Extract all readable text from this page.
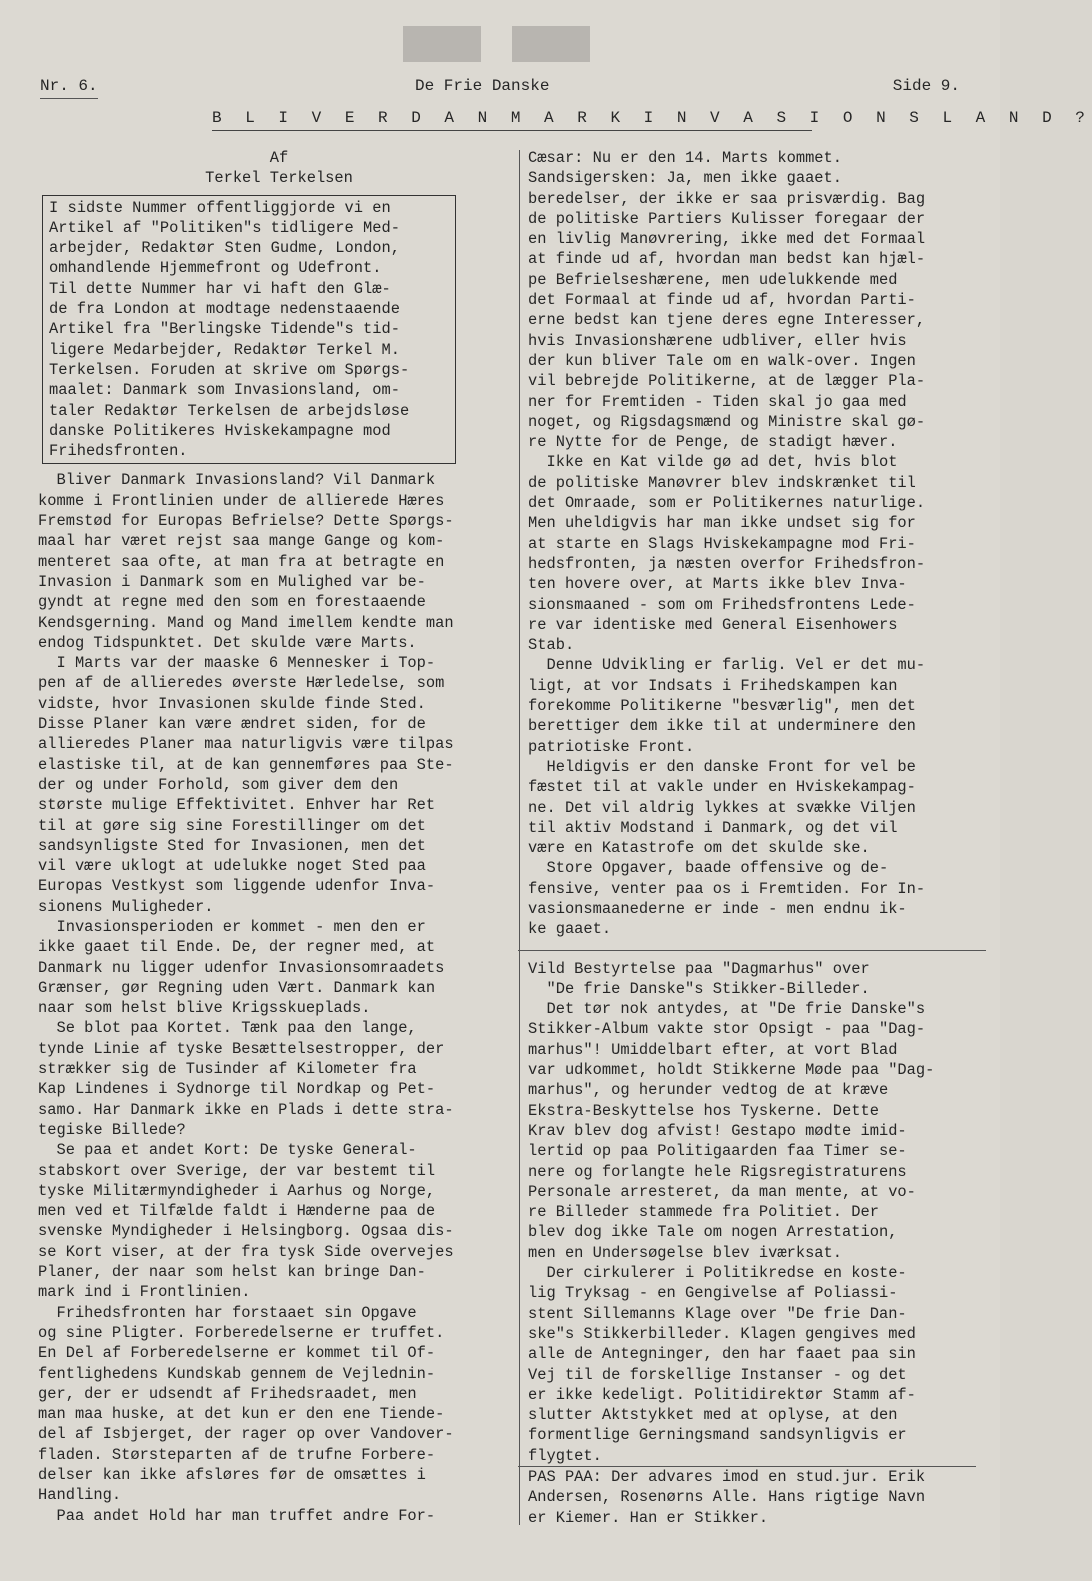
Nr. 6.	De Frie Danske	Side 9.
B L I V E R D A N M A R K I N V A S I O N S L A N D ?

Af

Terkel Terkelsen

I sidste Nummer offentliggjorde vi en

Artikel af "Politiken"s tidligere Med-

arbejder, Redaktør Sten Gudme, London,

omhandlende Hjemmefront og Udefront.

Til dette Nummer har vi haft den Glæ-

de fra London at modtage nedenstaaende

Artikel fra "Berlingske Tidende"s tid-

ligere Medarbejder, Redaktør Terkel M.

Terkelsen. Foruden at skrive om Spørgs-

maalet: Danmark som Invasionsland, om-

taler Redaktør Terkelsen de arbejdsløse

danske Politikeres Hviskekampagne mod

Frihedsfronten.

Bliver Danmark Invasionsland? Vil Danmark

komme i Frontlinien under de allierede Hæres

Fremstød for Europas Befrielse? Dette Spørgs-

maal har været rejst saa mange Gange og kom-

menteret saa ofte, at man fra at betragte en

Invasion i Danmark som en Mulighed var be-

gyndt at regne med den som en forestaaende

Kendsgerning. Mand og Mand imellem kendte man

endog Tidspunktet. Det skulde være Marts.

I Marts var der maaske 6 Mennesker i Top-

pen af de allieredes øverste Hærledelse, som

vidste, hvor Invasionen skulde finde Sted.

Disse Planer kan være ændret siden, for de

allieredes Planer maa naturligvis være tilpas

elastiske til, at de kan gennemføres paa Ste-

der og under Forhold, som giver dem den

største mulige Effektivitet. Enhver har Ret

til at gøre sig sine Forestillinger om det

sandsynligste Sted for Invasionen, men det

vil være uklogt at udelukke noget Sted paa

Europas Vestkyst som liggende udenfor Inva-

sionens Muligheder.

Invasionsperioden er kommet - men den er

ikke gaaet til Ende. De, der regner med, at

Danmark nu ligger udenfor Invasionsomraadets

Grænser, gør Regning uden Vært. Danmark kan

naar som helst blive Krigsskueplads.

Se blot paa Kortet. Tænk paa den lange,

tynde Linie af tyske Besættelsestropper, der

strækker sig de Tusinder af Kilometer fra

Kap Lindenes i Sydnorge til Nordkap og Pet-

samo. Har Danmark ikke en Plads i dette stra-

tegiske Billede?

Se paa et andet Kort: De tyske General-

stabskort over Sverige, der var bestemt til

tyske Militærmyndigheder i Aarhus og Norge,

men ved et Tilfælde faldt i Hænderne paa de

svenske Myndigheder i Helsingborg. Ogsaa dis-

se Kort viser, at der fra tysk Side overvejes

Planer, der naar som helst kan bringe Dan-

mark ind i Frontlinien.

Frihedsfronten har forstaaet sin Opgave

og sine Pligter. Forberedelserne er truffet.

En Del af Forberedelserne er kommet til Of-

fentlighedens Kundskab gennem de Vejlednin-

ger, der er udsendt af Frihedsraadet, men

man maa huske, at det kun er den ene Tiende-

del af Isbjerget, der rager op over Vandover-

fladen. Størsteparten af de trufne Forbere-

delser kan ikke afsløres før de omsættes i

Handling.

Paa andet Hold har man truffet andre For-

Cæsar: Nu er den 14. Marts kommet.

Sandsigersken: Ja, men ikke gaaet.

beredelser, der ikke er saa prisværdig. Bag

de politiske Partiers Kulisser foregaar der

en livlig Manøvrering, ikke med det Formaal

at finde ud af, hvordan man bedst kan hjæl-

pe Befrielseshærene, men udelukkende med

det Formaal at finde ud af, hvordan Parti-

erne bedst kan tjene deres egne Interesser,

hvis Invasionshærene udbliver, eller hvis

der kun bliver Tale om en walk-over. Ingen

vil bebrejde Politikerne, at de lægger Pla-

ner for Fremtiden - Tiden skal jo gaa med

noget, og Rigsdagsmænd og Ministre skal gø-

re Nytte for de Penge, de stadigt hæver.

Ikke en Kat vilde gø ad det, hvis blot

de politiske Manøvrer blev indskrænket til

det Omraade, som er Politikernes naturlige.

Men uheldigvis har man ikke undset sig for

at starte en Slags Hviskekampagne mod Fri-

hedsfronten, ja næsten overfor Frihedsfron-

ten hovere over, at Marts ikke blev Inva-

sionsmaaned - som om Frihedsfrontens Lede-

re var identiske med General Eisenhowers

Stab.

Denne Udvikling er farlig. Vel er det mu-

ligt, at vor Indsats i Frihedskampen kan

forekomme Politikerne "besværlig", men det

berettiger dem ikke til at underminere den

patriotiske Front.

Heldigvis er den danske Front for vel be

fæstet til at vakle under en Hviskekampag-

ne. Det vil aldrig lykkes at svække Viljen

til aktiv Modstand i Danmark, og det vil

være en Katastrofe om det skulde ske.

Store Opgaver, baade offensive og de-

fensive, venter paa os i Fremtiden. For In-

vasionsmaanederne er inde - men endnu ik-

ke gaaet.

Vild Bestyrtelse paa "Dagmarhus" over

"De frie Danske"s Stikker-Billeder.

Det tør nok antydes, at "De frie Danske"s

Stikker-Album vakte stor Opsigt - paa "Dag-

marhus"! Umiddelbart efter, at vort Blad

var udkommet, holdt Stikkerne Møde paa "Dag-

marhus", og herunder vedtog de at kræve

Ekstra-Beskyttelse hos Tyskerne. Dette

Krav blev dog afvist! Gestapo mødte imid-

lertid op paa Politigaarden faa Timer se-

nere og forlangte hele Rigsregistraturens

Personale arresteret, da man mente, at vo-

re Billeder stammede fra Politiet. Der

blev dog ikke Tale om nogen Arrestation,

men en Undersøgelse blev iværksat.

Der cirkulerer i Politikredse en koste-

lig Tryksag - en Gengivelse af Poliassi-

stent Sillemanns Klage over "De frie Dan-

ske"s Stikkerbilleder. Klagen gengives med

alle de Antegninger, den har faaet paa sin

Vej til de forskellige Instanser - og det

er ikke kedeligt. Politidirektør Stamm af-

slutter Aktstykket med at oplyse, at den

formentlige Gerningsmand sandsynligvis er

flygtet.

PAS PAA: Der advares imod en stud.jur. Erik

Andersen, Rosenørns Alle. Hans rigtige Navn

er Kiemer. Han er Stikker.
